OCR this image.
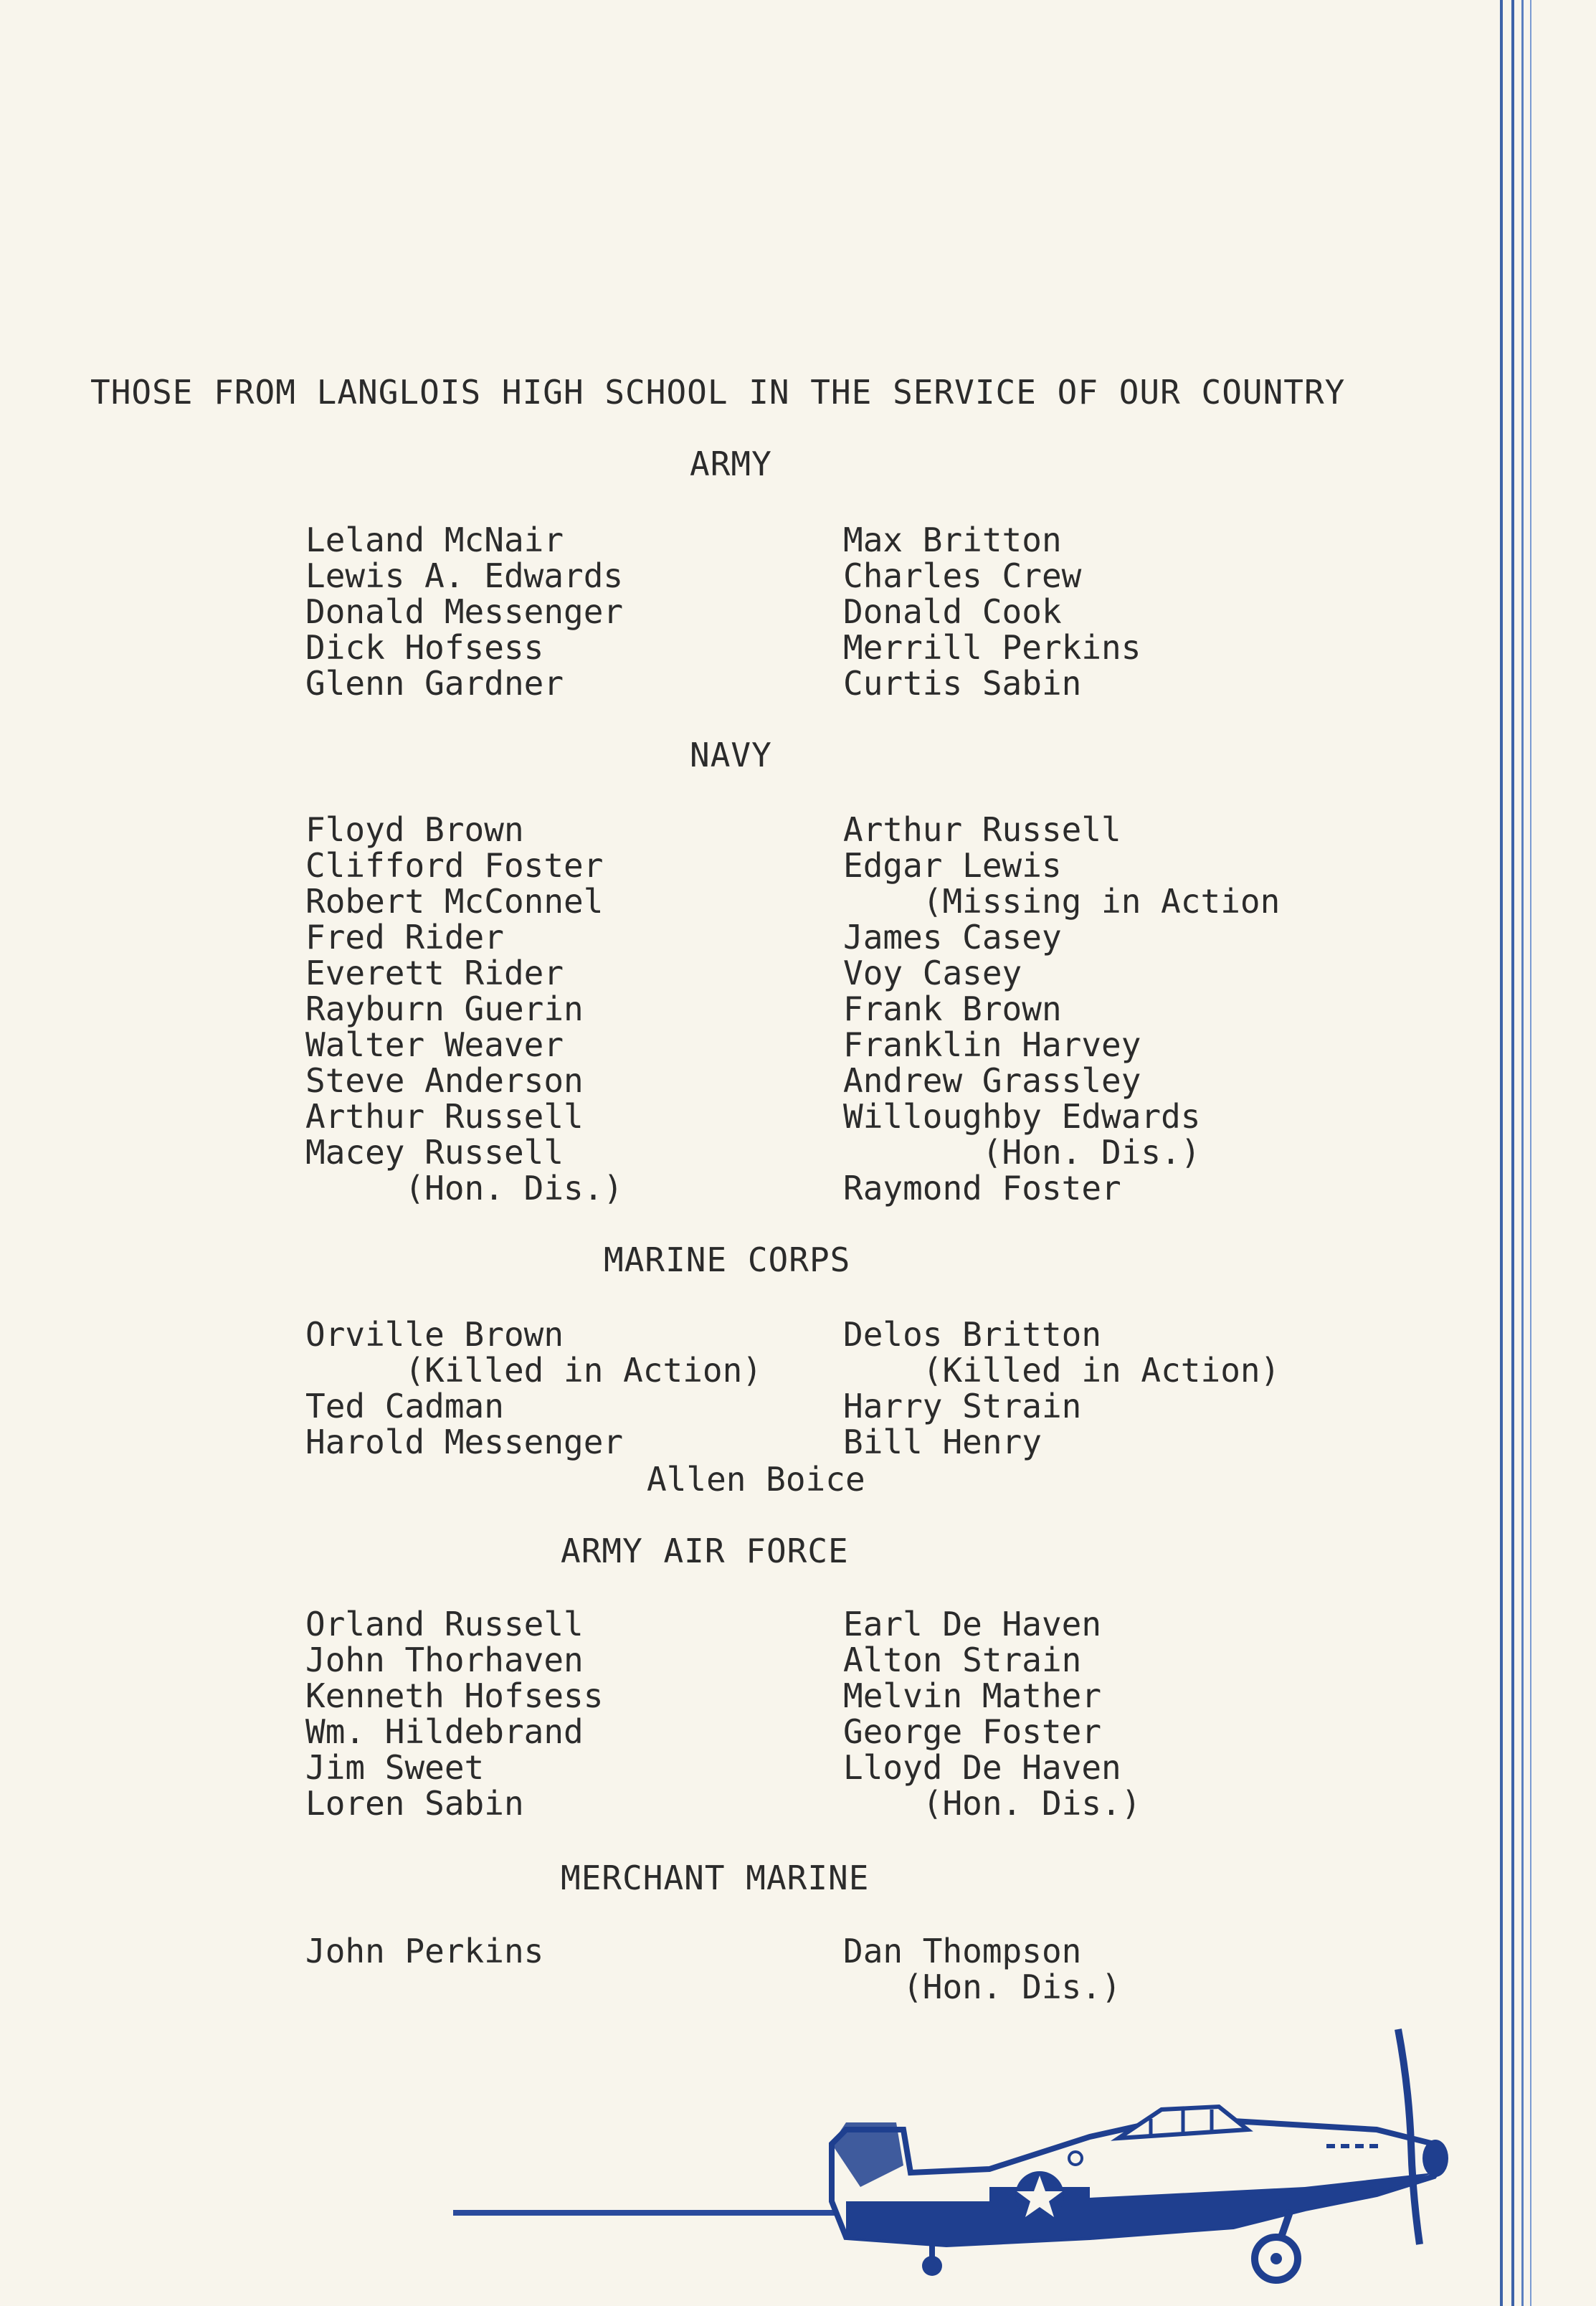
THOSE FROM LANGLOIS HIGH SCHOOL IN THE SERVICE OF OUR COUNTRY
ARMY
Leland McNair
Lewis A. Edwards
Donald Messenger
Dick Hofsess
Glenn Gardner
Max Britton
Charles Crew
Donald Cook
Merrill Perkins
Curtis Sabin
NAVY
Floyd Brown
Clifford Foster
Robert McConnel
Fred Rider
Everett Rider
Rayburn Guerin
Walter Weaver
Steve Anderson
Arthur Russell
Macey Russell
(Hon. Dis.)
Arthur Russell
Edgar Lewis
(Missing in Action
James Casey
Voy Casey
Frank Brown
Franklin Harvey
Andrew Grassley
Willoughby Edwards
(Hon. Dis.)
Raymond Foster
MARINE CORPS
Orville Brown
(Killed in Action)
Ted Cadman
Harold Messenger
Delos Britton
(Killed in Action)
Harry Strain
Bill Henry
Allen Boice
ARMY AIR FORCE
Orland Russell
John Thorhaven
Kenneth Hofsess
Wm. Hildebrand
Jim Sweet
Loren Sabin
Earl De Haven
Alton Strain
Melvin Mather
George Foster
Lloyd De Haven
(Hon. Dis.)
MERCHANT MARINE
John Perkins	Dan Thompson
(Hon. Dis.)
